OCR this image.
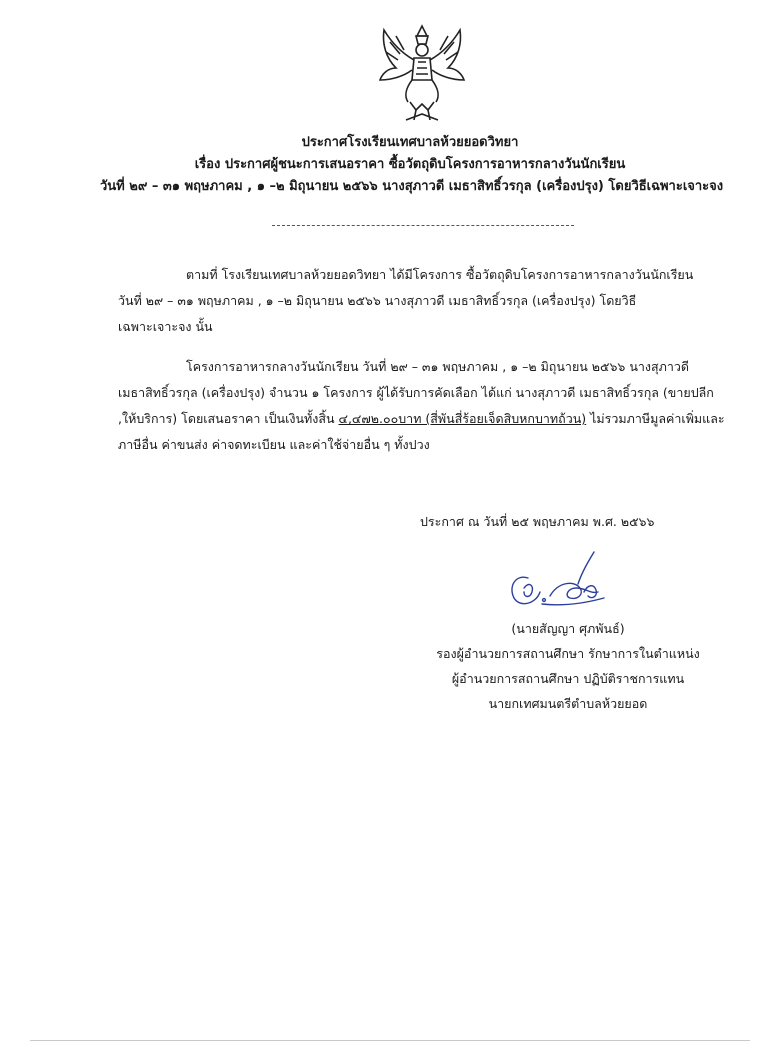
ประกาศโรงเรียนเทศบาลห้วยยอดวิทยา
เรื่อง ประกาศผู้ชนะการเสนอราคา ซื้อวัตถุดิบโครงการอาหารกลางวันนักเรียน
วันที่ ๒๙ – ๓๑ พฤษภาคม , ๑ –๒ มิถุนายน ๒๕๖๖ นางสุภาวดี เมธาสิทธิ์วรกุล (เครื่องปรุง) โดยวิธีเฉพาะเจาะจง
ตามที่ โรงเรียนเทศบาลห้วยยอดวิทยา ได้มีโครงการ ซื้อวัตถุดิบโครงการอาหารกลางวันนักเรียน
วันที่ ๒๙ – ๓๑ พฤษภาคม , ๑ –๒ มิถุนายน ๒๕๖๖ นางสุภาวดี เมธาสิทธิ์วรกุล (เครื่องปรุง) โดยวิธี
เฉพาะเจาะจง นั้น
โครงการอาหารกลางวันนักเรียน วันที่ ๒๙ – ๓๑ พฤษภาคม , ๑ –๒ มิถุนายน ๒๕๖๖ นางสุภาวดี
เมธาสิทธิ์วรกุล (เครื่องปรุง) จำนวน ๑ โครงการ ผู้ได้รับการคัดเลือก ได้แก่ นางสุภาวดี เมธาสิทธิ์วรกุล (ขายปลีก
,ให้บริการ) โดยเสนอราคา เป็นเงินทั้งสิ้น ๔,๔๗๒.๐๐บาท (สี่พันสี่ร้อยเจ็ดสิบหกบาทถ้วน) ไม่รวมภาษีมูลค่าเพิ่มและ
ภาษีอื่น ค่าขนส่ง ค่าจดทะเบียน และค่าใช้จ่ายอื่น ๆ ทั้งปวง
ประกาศ ณ วันที่ ๒๕ พฤษภาคม พ.ศ. ๒๕๖๖
(นายสัญญา ศุภพันธ์)
รองผู้อำนวยการสถานศึกษา รักษาการในตำแหน่ง
ผู้อำนวยการสถานศึกษา ปฏิบัติราชการแทน
นายกเทศมนตรีตำบลห้วยยอด
